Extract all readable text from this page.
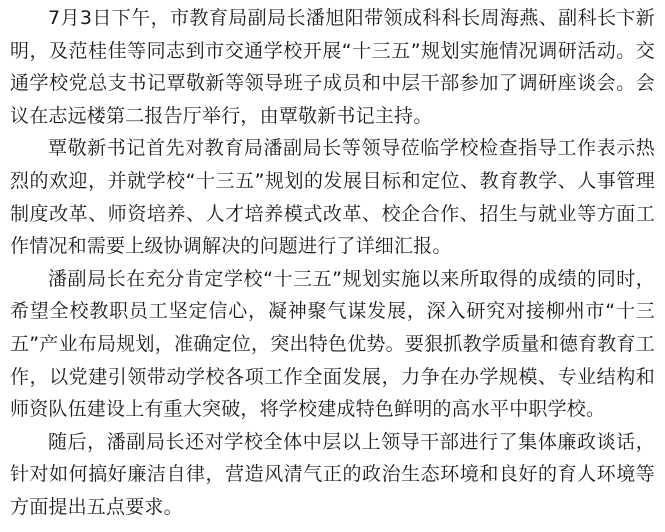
7月3日下午，市教育局副局长潘旭阳带领成科科长周海燕、副科长卞新明，及范桂佳等同志到市交通学校开展“十三五”规划实施情况调研活动。交通学校党总支书记覃敬新等领导班子成员和中层干部参加了调研座谈会。会议在志远楼第二报告厅举行，由覃敬新书记主持。

覃敬新书记首先对教育局潘副局长等领导莅临学校检查指导工作表示热烈的欢迎，并就学校“十三五”规划的发展目标和定位、教育教学、人事管理制度改革、师资培养、人才培养模式改革、校企合作、招生与就业等方面工作情况和需要上级协调解决的问题进行了详细汇报。

潘副局长在充分肯定学校“十三五”规划实施以来所取得的成绩的同时，希望全校教职员工坚定信心，凝神聚气谋发展，深入研究对接柳州市“十三五”产业布局规划，准确定位，突出特色优势。要狠抓教学质量和德育教育工作，以党建引领带动学校各项工作全面发展，力争在办学规模、专业结构和师资队伍建设上有重大突破，将学校建成特色鲜明的高水平中职学校。

随后，潘副局长还对学校全体中层以上领导干部进行了集体廉政谈话，针对如何搞好廉洁自律，营造风清气正的政治生态环境和良好的育人环境等方面提出五点要求。
